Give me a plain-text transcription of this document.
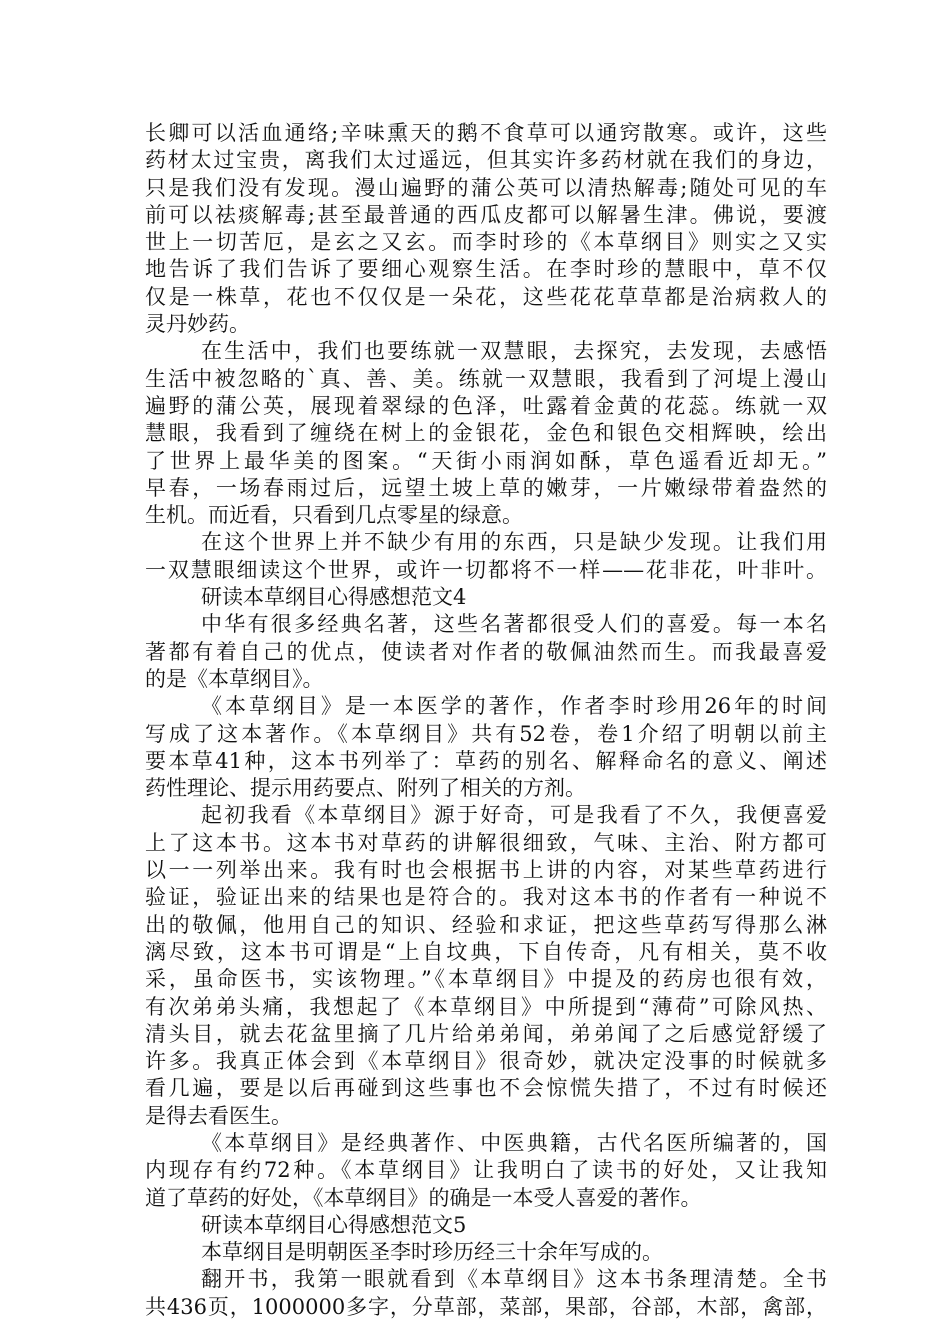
长卿可以活血通络;辛味熏天的鹅不食草可以通窍散寒。或许，这些
药材太过宝贵，离我们太过遥远，但其实许多药材就在我们的身边，
只是我们没有发现。漫山遍野的蒲公英可以清热解毒;随处可见的车
前可以祛痰解毒;甚至最普通的西瓜皮都可以解暑生津。佛说，要渡
世上一切苦厄，是玄之又玄。而李时珍的《本草纲目》则实之又实
地告诉了我们告诉了要细心观察生活。在李时珍的慧眼中，草不仅
仅是一株草，花也不仅仅是一朵花，这些花花草草都是治病救人的
灵丹妙药。
在生活中，我们也要练就一双慧眼，去探究，去发现，去感悟
生活中被忽略的`真、善、美。练就一双慧眼，我看到了河堤上漫山
遍野的蒲公英，展现着翠绿的色泽，吐露着金黄的花蕊。练就一双
慧眼，我看到了缠绕在树上的金银花，金色和银色交相辉映，绘出
了世界上最华美的图案。“天街小雨润如酥，草色遥看近却无。”
早春，一场春雨过后，远望土坡上草的嫩芽，一片嫩绿带着盎然的
生机。而近看，只看到几点零星的绿意。
在这个世界上并不缺少有用的东西，只是缺少发现。让我们用
一双慧眼细读这个世界，或许一切都将不一样——花非花，叶非叶。
研读本草纲目心得感想范文4
中华有很多经典名著，这些名著都很受人们的喜爱。每一本名
著都有着自己的优点，使读者对作者的敬佩油然而生。而我最喜爱
的是《本草纲目》。
《本草纲目》是一本医学的著作，作者李时珍用26年的时间
写成了这本著作。《本草纲目》共有52卷，卷1介绍了明朝以前主
要本草41种，这本书列举了：草药的别名、解释命名的意义、阐述
药性理论、提示用药要点、附列了相关的方剂。
起初我看《本草纲目》源于好奇，可是我看了不久，我便喜爱
上了这本书。这本书对草药的讲解很细致，气味、主治、附方都可
以一一列举出来。我有时也会根据书上讲的内容，对某些草药进行
验证，验证出来的结果也是符合的。我对这本书的作者有一种说不
出的敬佩，他用自己的知识、经验和求证，把这些草药写得那么淋
漓尽致，这本书可谓是“上自坟典，下自传奇，凡有相关，莫不收
采，虽命医书，实该物理。”《本草纲目》中提及的药房也很有效，
有次弟弟头痛，我想起了《本草纲目》中所提到“薄荷”可除风热、
清头目，就去花盆里摘了几片给弟弟闻，弟弟闻了之后感觉舒缓了
许多。我真正体会到《本草纲目》很奇妙，就决定没事的时候就多
看几遍，要是以后再碰到这些事也不会惊慌失措了，不过有时候还
是得去看医生。
《本草纲目》是经典著作、中医典籍，古代名医所编著的，国
内现存有约72种。《本草纲目》让我明白了读书的好处，又让我知
道了草药的好处，《本草纲目》的确是一本受人喜爱的著作。
研读本草纲目心得感想范文5
本草纲目是明朝医圣李时珍历经三十余年写成的。
翻开书，我第一眼就看到《本草纲目》这本书条理清楚。全书
共436页，1000000多字，分草部，菜部，果部，谷部，木部，禽部，
